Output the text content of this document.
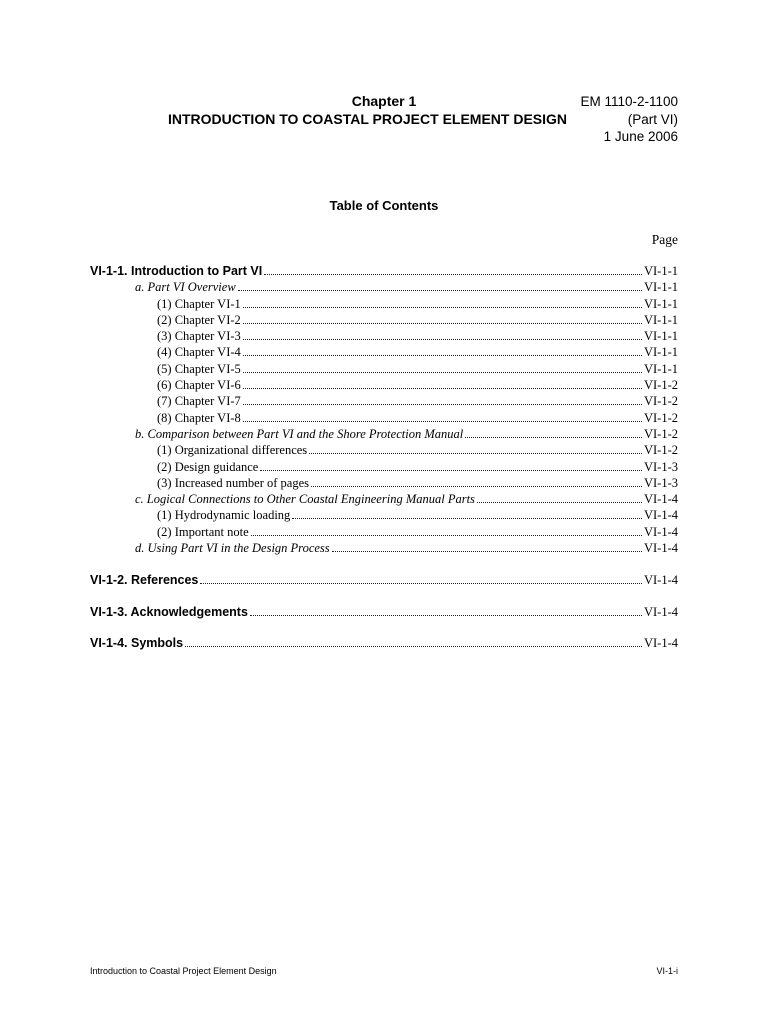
Chapter 1	EM 1110-2-1100
INTRODUCTION TO COASTAL PROJECT ELEMENT DESIGN	(Part VI)
1 June 2006
Table of Contents
Page
VI-1-1. Introduction to Part VI	VI-1-1
a. Part VI Overview	VI-1-1
(1) Chapter VI-1	VI-1-1
(2) Chapter VI-2	VI-1-1
(3) Chapter VI-3	VI-1-1
(4) Chapter VI-4	VI-1-1
(5) Chapter VI-5	VI-1-1
(6) Chapter VI-6	VI-1-2
(7) Chapter VI-7	VI-1-2
(8) Chapter VI-8	VI-1-2
b. Comparison between Part VI and the Shore Protection Manual	VI-1-2
(1) Organizational differences	VI-1-2
(2) Design guidance	VI-1-3
(3) Increased number of pages	VI-1-3
c. Logical Connections to Other Coastal Engineering Manual Parts	VI-1-4
(1) Hydrodynamic loading	VI-1-4
(2) Important note	VI-1-4
d. Using Part VI in the Design Process	VI-1-4
VI-1-2. References	VI-1-4
VI-1-3. Acknowledgements	VI-1-4
VI-1-4. Symbols	VI-1-4
Introduction to Coastal Project Element Design	VI-1-i
